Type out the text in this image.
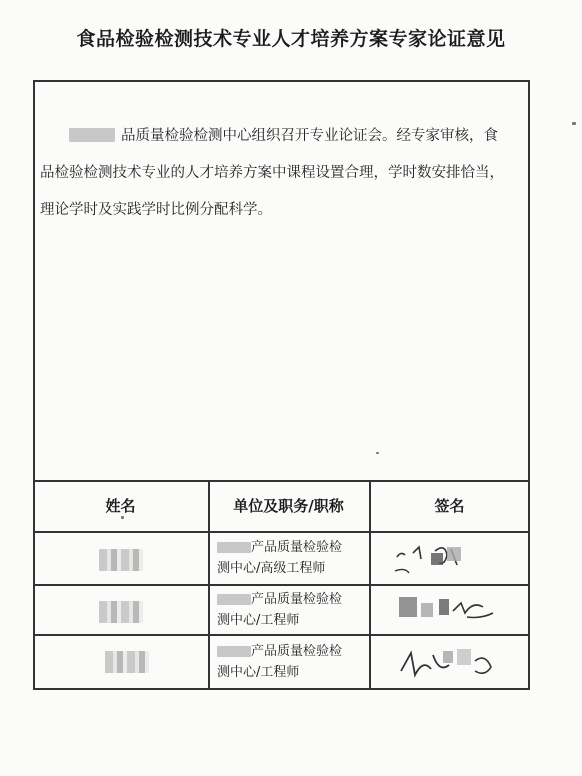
食品检验检测技术专业人才培养方案专家论证意见
品质量检验检测中心组织召开专业论证会。经专家审核，食品检验检测技术专业的人才培养方案中课程设置合理，学时数安排恰当，理论学时及实践学时比例分配科学。
姓名	单位及职务/职称	签名
产品质量检验检
测中心/高级工程师
产品质量检验检
测中心/工程师
产品质量检验检
测中心/工程师
